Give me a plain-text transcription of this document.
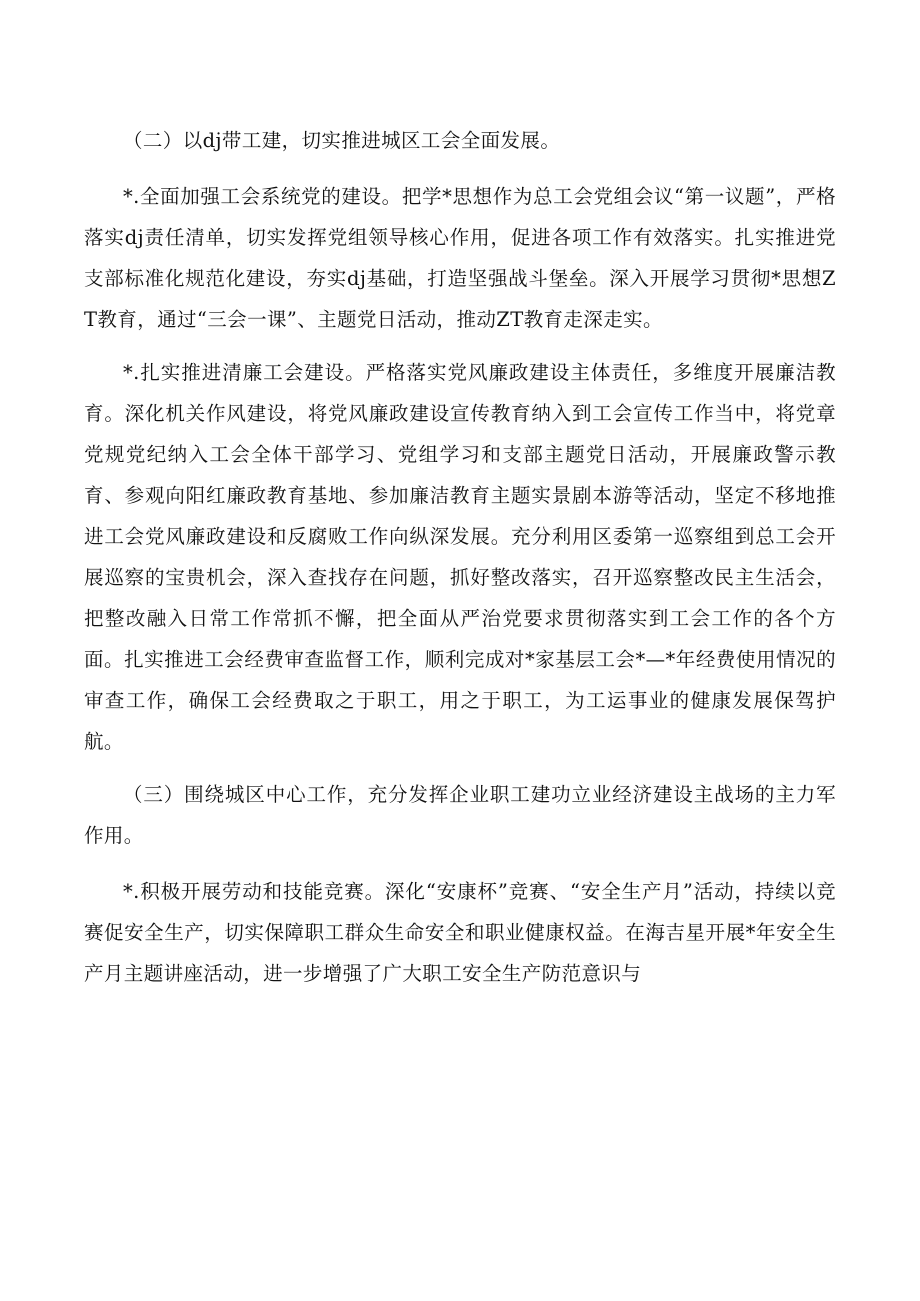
（二）以dj带工建，切实推进城区工会全面发展。

*.全面加强工会系统党的建设。把学*思想作为总工会党组会议“第一议题”，严格落实dj责任清单，切实发挥党组领导核心作用，促进各项工作有效落实。扎实推进党支部标准化规范化建设，夯实dj基础，打造坚强战斗堡垒。深入开展学习贯彻*思想ZT教育，通过“三会一课”、主题党日活动，推动ZT教育走深走实。

*.扎实推进清廉工会建设。严格落实党风廉政建设主体责任，多维度开展廉洁教育。深化机关作风建设，将党风廉政建设宣传教育纳入到工会宣传工作当中，将党章党规党纪纳入工会全体干部学习、党组学习和支部主题党日活动，开展廉政警示教育、参观向阳红廉政教育基地、参加廉洁教育主题实景剧本游等活动，坚定不移地推进工会党风廉政建设和反腐败工作向纵深发展。充分利用区委第一巡察组到总工会开展巡察的宝贵机会，深入查找存在问题，抓好整改落实，召开巡察整改民主生活会，把整改融入日常工作常抓不懈，把全面从严治党要求贯彻落实到工会工作的各个方面。扎实推进工会经费审查监督工作，顺利完成对*家基层工会*—*年经费使用情况的审查工作，确保工会经费取之于职工，用之于职工，为工运事业的健康发展保驾护航。

（三）围绕城区中心工作，充分发挥企业职工建功立业经济建设主战场的主力军作用。

*.积极开展劳动和技能竞赛。深化“安康杯”竞赛、“安全生产月”活动，持续以竞赛促安全生产，切实保障职工群众生命安全和职业健康权益。在海吉星开展*年安全生产月主题讲座活动，进一步增强了广大职工安全生产防范意识与
